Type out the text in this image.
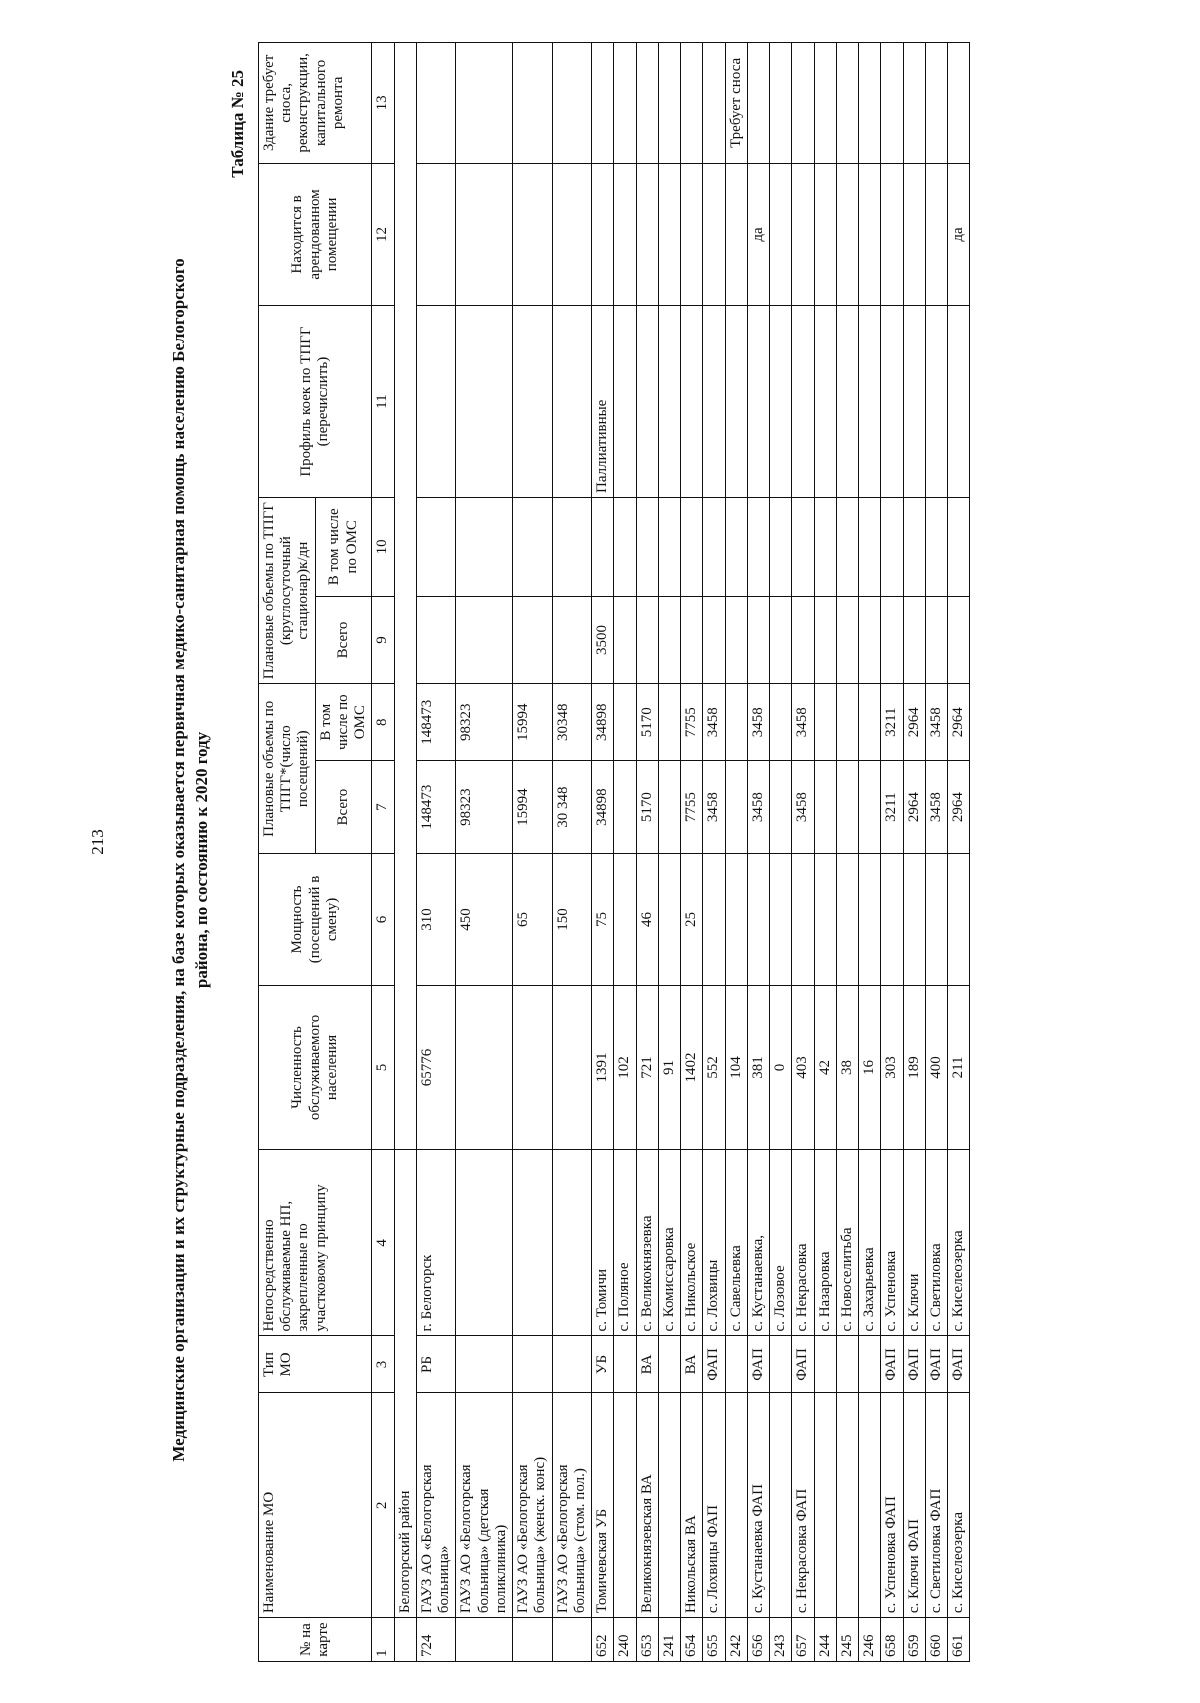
213	Медицинские организации и их структурные подразделения, на базе которых оказывается первичная медико-санитарная помощь населению Белогорского района, по состоянию к 2020 году

Таблица № 25
№ на карте	Наименование МО	Тип МО	Непосредственно обслуживаемые НП, закрепленные по участковому принципу	Численность обслуживаемого населения	Мощность (посещений в смену)	Плановые объемы по ТПГГ*(число посещений)		Плановые объемы по ТПГГ (круглосуточный стационар)к/дн		Профиль коек по ТПГГ (перечислить)	Находится в арендованном помещении	Здание требует сноса, реконструкции, капитального ремонта
						Всего	В том числе по ОМС	Всего	В том числе по ОМС			
1	2	3	4	5	6	7	8	9	10	11	12	13
	Белогорский район											
724	ГАУЗ АО «Белогорская больница»	РБ	г. Белогорск	65776	310	148473	148473					
	ГАУЗ АО «Белогорская больница» (детская поликлиника)				450	98323	98323					
	ГАУЗ АО «Белогорская больница» (женск. конс)				65	15994	15994					
	ГАУЗ АО «Белогорская больница» (стом. пол.)				150	30 348	30348					
652	Томичевская УБ	УБ	с. Томичи	1391	75	34898	34898	3500		Паллиативные		
240			с. Поляное	102								
653	Великокнязевская ВА	ВА	с. Великокнязевка	721	46	5170	5170					
241			с. Комиссаровка	91								
654	Никольская ВА	ВА	с. Никольское	1402	25	7755	7755					
655	с. Лохвицы ФАП	ФАП	с. Лохвицы	552		3458	3458					
242			с. Савельевка	104								Требует сноса
656	с. Кустанаевка ФАП	ФАП	с. Кустанаевка,	381		3458	3458				да	
243			с. Лозовое	0								
657	с. Некрасовка ФАП	ФАП	с. Некрасовка	403		3458	3458					
244			с. Назаровка	42								
245			с. Новоселитьба	38								
246			с. Захарьевка	16								
658	с. Успеновка ФАП	ФАП	с. Успеновка	303		3211	3211					
659	с. Ключи ФАП	ФАП	с. Ключи	189		2964	2964					
660	с. Светиловка ФАП	ФАП	с. Светиловка	400		3458	3458					
661	с. Киселеозерка	ФАП	с. Киселеозерка	211		2964	2964				да	
